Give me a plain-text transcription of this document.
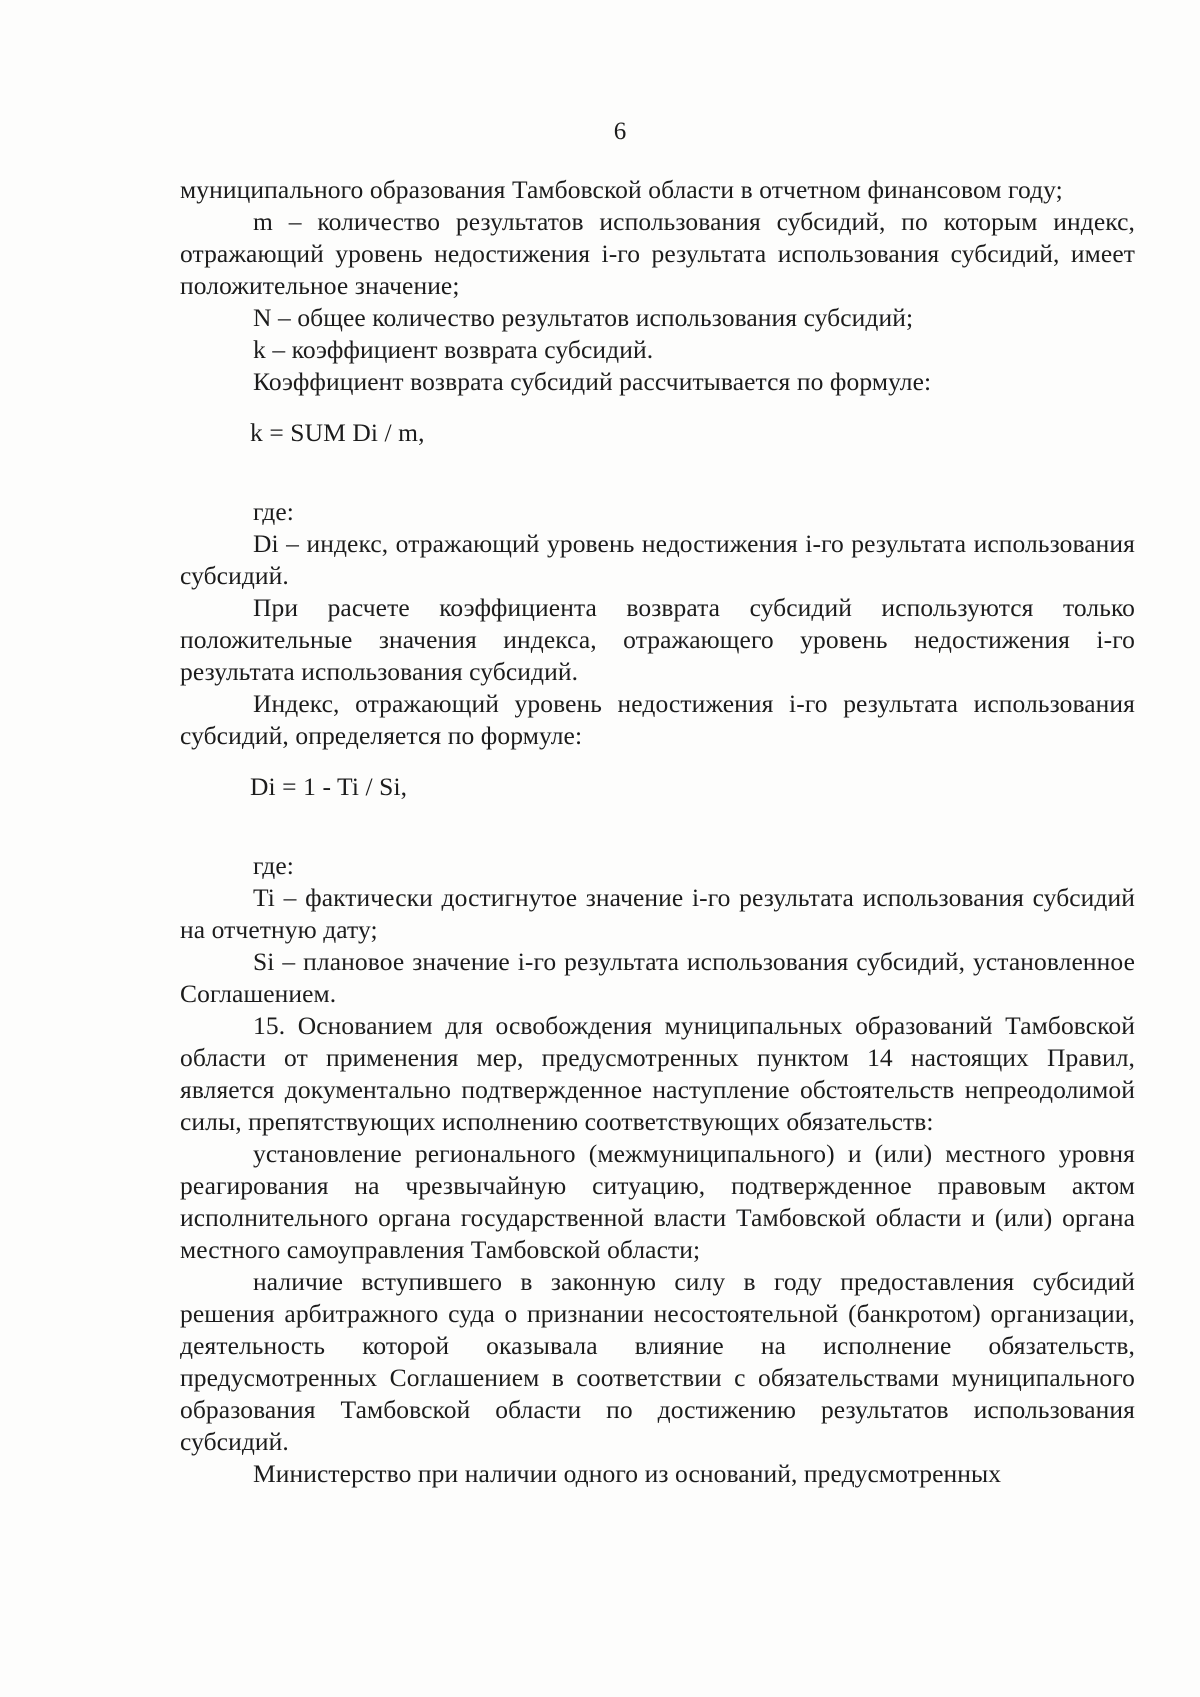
6

муниципального образования Тамбовской области в отчетном финансовом году;

m – количество результатов использования субсидий, по которым индекс, отражающий уровень недостижения i-го результата использования субсидий, имеет положительное значение;

N – общее количество результатов использования субсидий;

k – коэффициент возврата субсидий.

Коэффициент возврата субсидий рассчитывается по формуле:

k = SUM Di / m,

где:

Di – индекс, отражающий уровень недостижения i-го результата использования субсидий.

При расчете коэффициента возврата субсидий используются только положительные значения индекса, отражающего уровень недостижения i-го результата использования субсидий.

Индекс, отражающий уровень недостижения i-го результата использования субсидий, определяется по формуле:

Di = 1 - Ti / Si,

где:

Ti – фактически достигнутое значение i-го результата использования субсидий на отчетную дату;

Si – плановое значение i-го результата использования субсидий, установленное Соглашением.

15. Основанием для освобождения муниципальных образований Тамбовской области от применения мер, предусмотренных пунктом 14 настоящих Правил, является документально подтвержденное наступление обстоятельств непреодолимой силы, препятствующих исполнению соответствующих обязательств:

установление регионального (межмуниципального) и (или) местного уровня реагирования на чрезвычайную ситуацию, подтвержденное правовым актом исполнительного органа государственной власти Тамбовской области и (или) органа местного самоуправления Тамбовской области;

наличие вступившего в законную силу в году предоставления субсидий решения арбитражного суда о признании несостоятельной (банкротом) организации, деятельность которой оказывала влияние на исполнение обязательств, предусмотренных Соглашением в соответствии с обязательствами муниципального образования Тамбовской области по достижению результатов использования субсидий.

Министерство при наличии одного из оснований, предусмотренных
